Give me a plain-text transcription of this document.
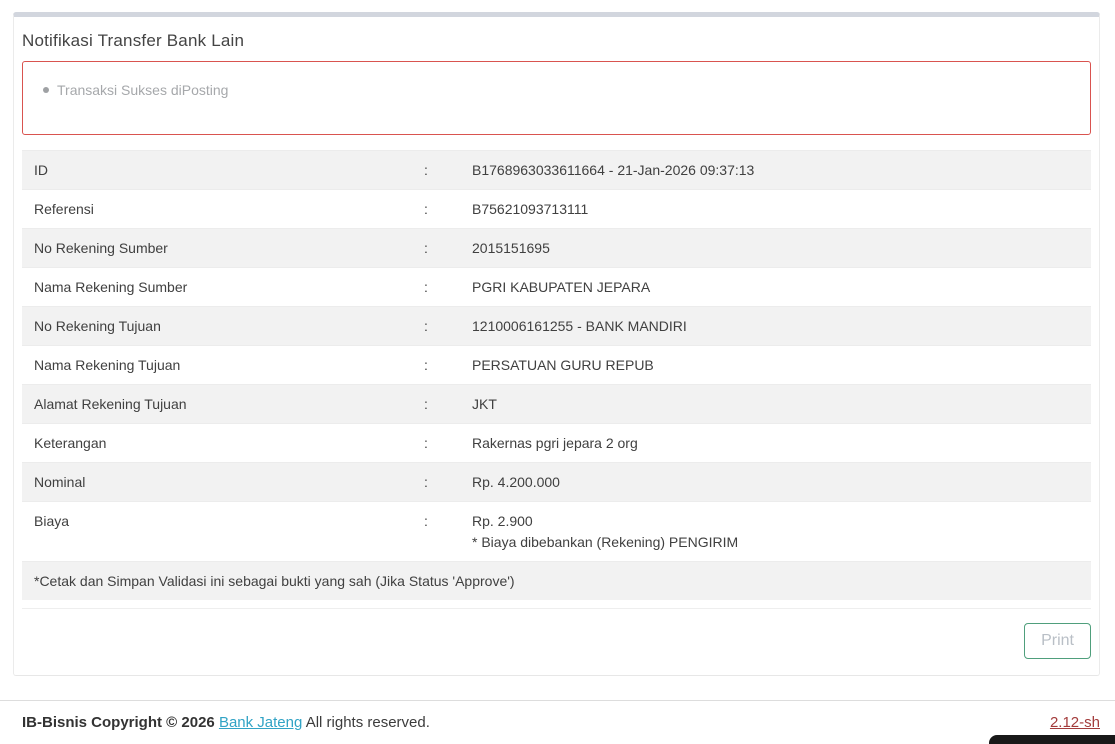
Notifikasi Transfer Bank Lain
Transaksi Sukses diPosting
ID	:	B1768963033611664 - 21-Jan-2026 09:37:13

Referensi	:	B75621093713111

No Rekening Sumber	:	2015151695

Nama Rekening Sumber	:	PGRI KABUPATEN JEPARA

No Rekening Tujuan	:	1210006161255 - BANK MANDIRI

Nama Rekening Tujuan	:	PERSATUAN GURU REPUB

Alamat Rekening Tujuan	:	JKT

Keterangan	:	Rakernas pgri jepara 2 org

Nominal	:	Rp. 4.200.000

Biaya	:	Rp. 2.900
* Biaya dibebankan (Rekening) PENGIRIM
*Cetak dan Simpan Validasi ini sebagai bukti yang sah (Jika Status 'Approve')
Print
IB-Bisnis Copyright © 2026 Bank Jateng All rights reserved.	2.12-sh
